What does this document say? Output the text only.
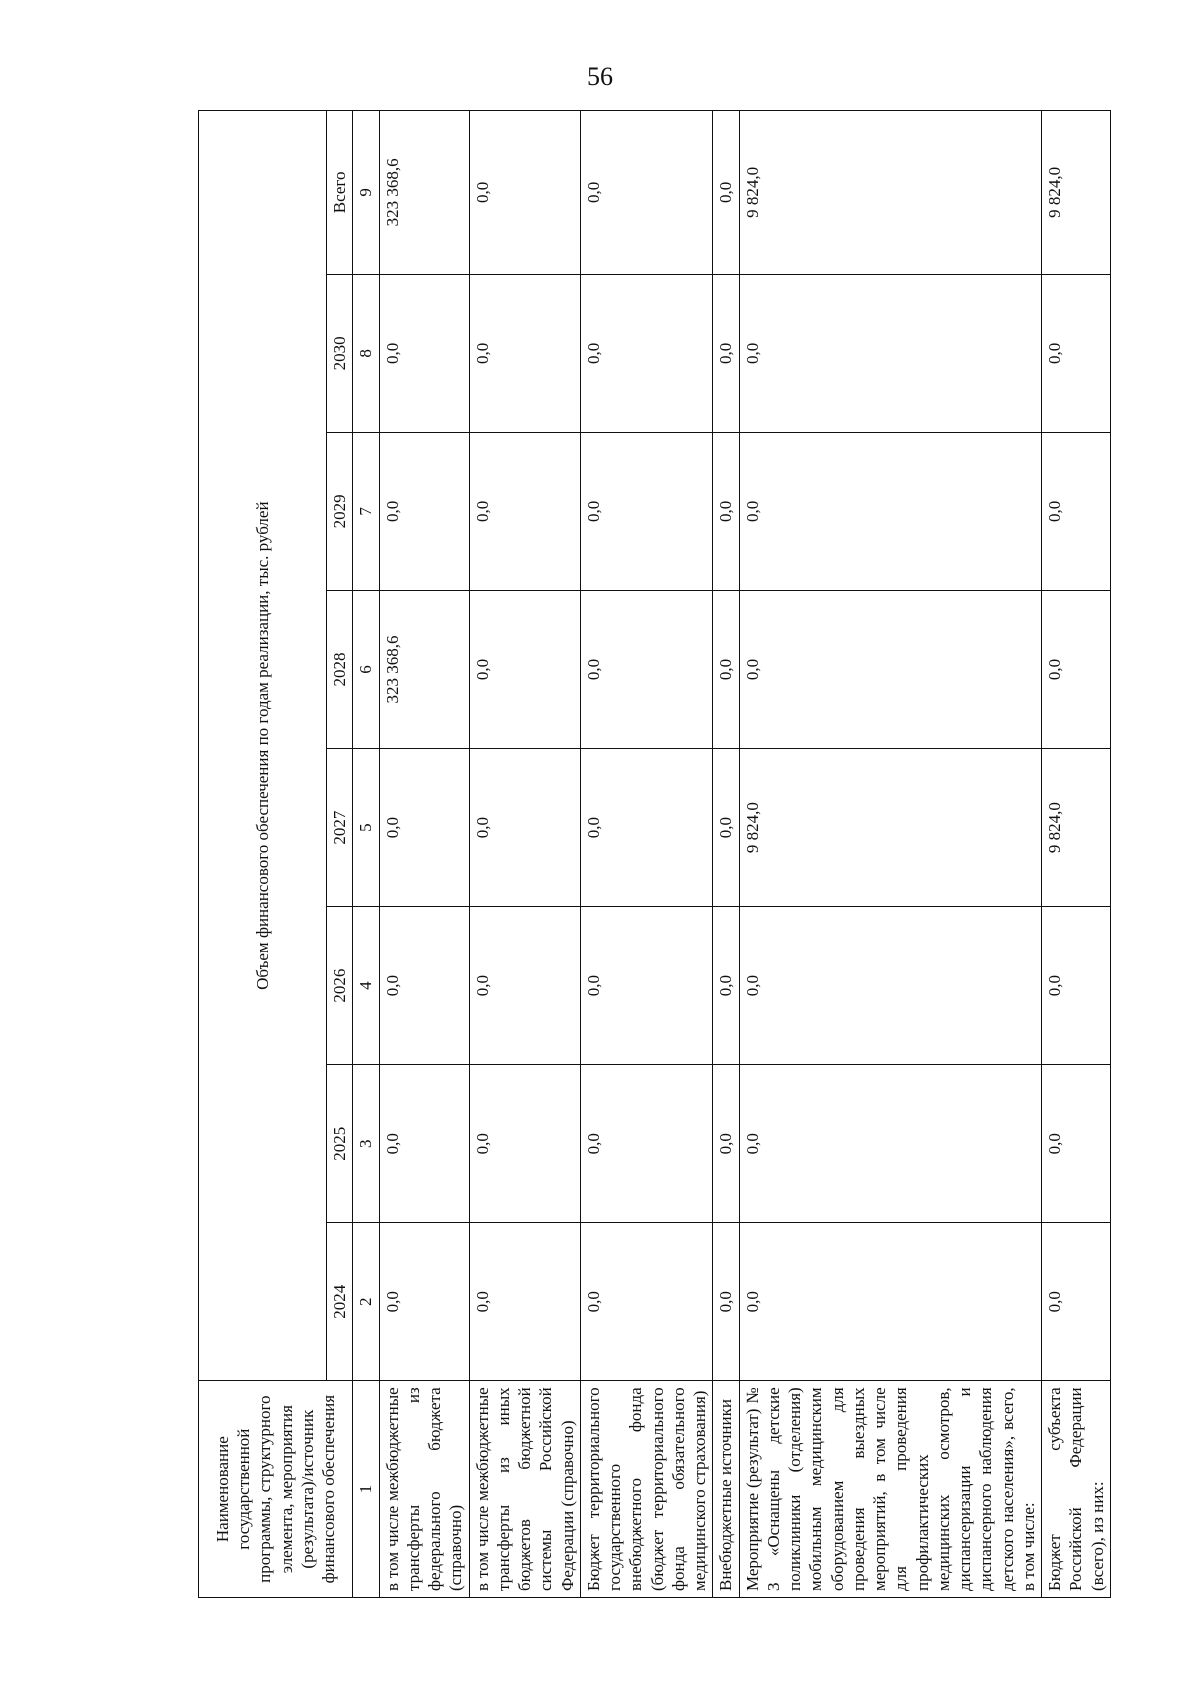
56
Наименование государственной программы, структурного элемента, мероприятия (результата)/источник финансового обеспечения	Объем финансового обеспечения по годам реализации, тыс. рублей							
	2024	2025	2026	2027	2028	2029	2030	Всего
1	2	3	4	5	6	7	8	9
в том числе межбюджетные трансферты из федерального бюджета (справочно)	0,0	0,0	0,0	0,0	323 368,6	0,0	0,0	323 368,6
в том числе межбюджетные трансферты из иных бюджетов бюджетной системы Российской Федерации (справочно)	0,0	0,0	0,0	0,0	0,0	0,0	0,0	0,0
Бюджет территориального государственного внебюджетного фонда (бюджет территориального фонда обязательного медицинского страхования)	0,0	0,0	0,0	0,0	0,0	0,0	0,0	0,0
Внебюджетные источники	0,0	0,0	0,0	0,0	0,0	0,0	0,0	0,0
Мероприятие (результат) № 3 «Оснащены детские поликлиники (отделения) мобильным медицинским оборудованием для проведения выездных мероприятий, в том числе для проведения профилактических медицинских осмотров, диспансеризации и диспансерного наблюдения детского населения», всего, в том числе:	0,0	0,0	0,0	9 824,0	0,0	0,0	0,0	9 824,0
Бюджет субъекта Российской Федерации (всего), из них:	0,0	0,0	0,0	9 824,0	0,0	0,0	0,0	9 824,0
